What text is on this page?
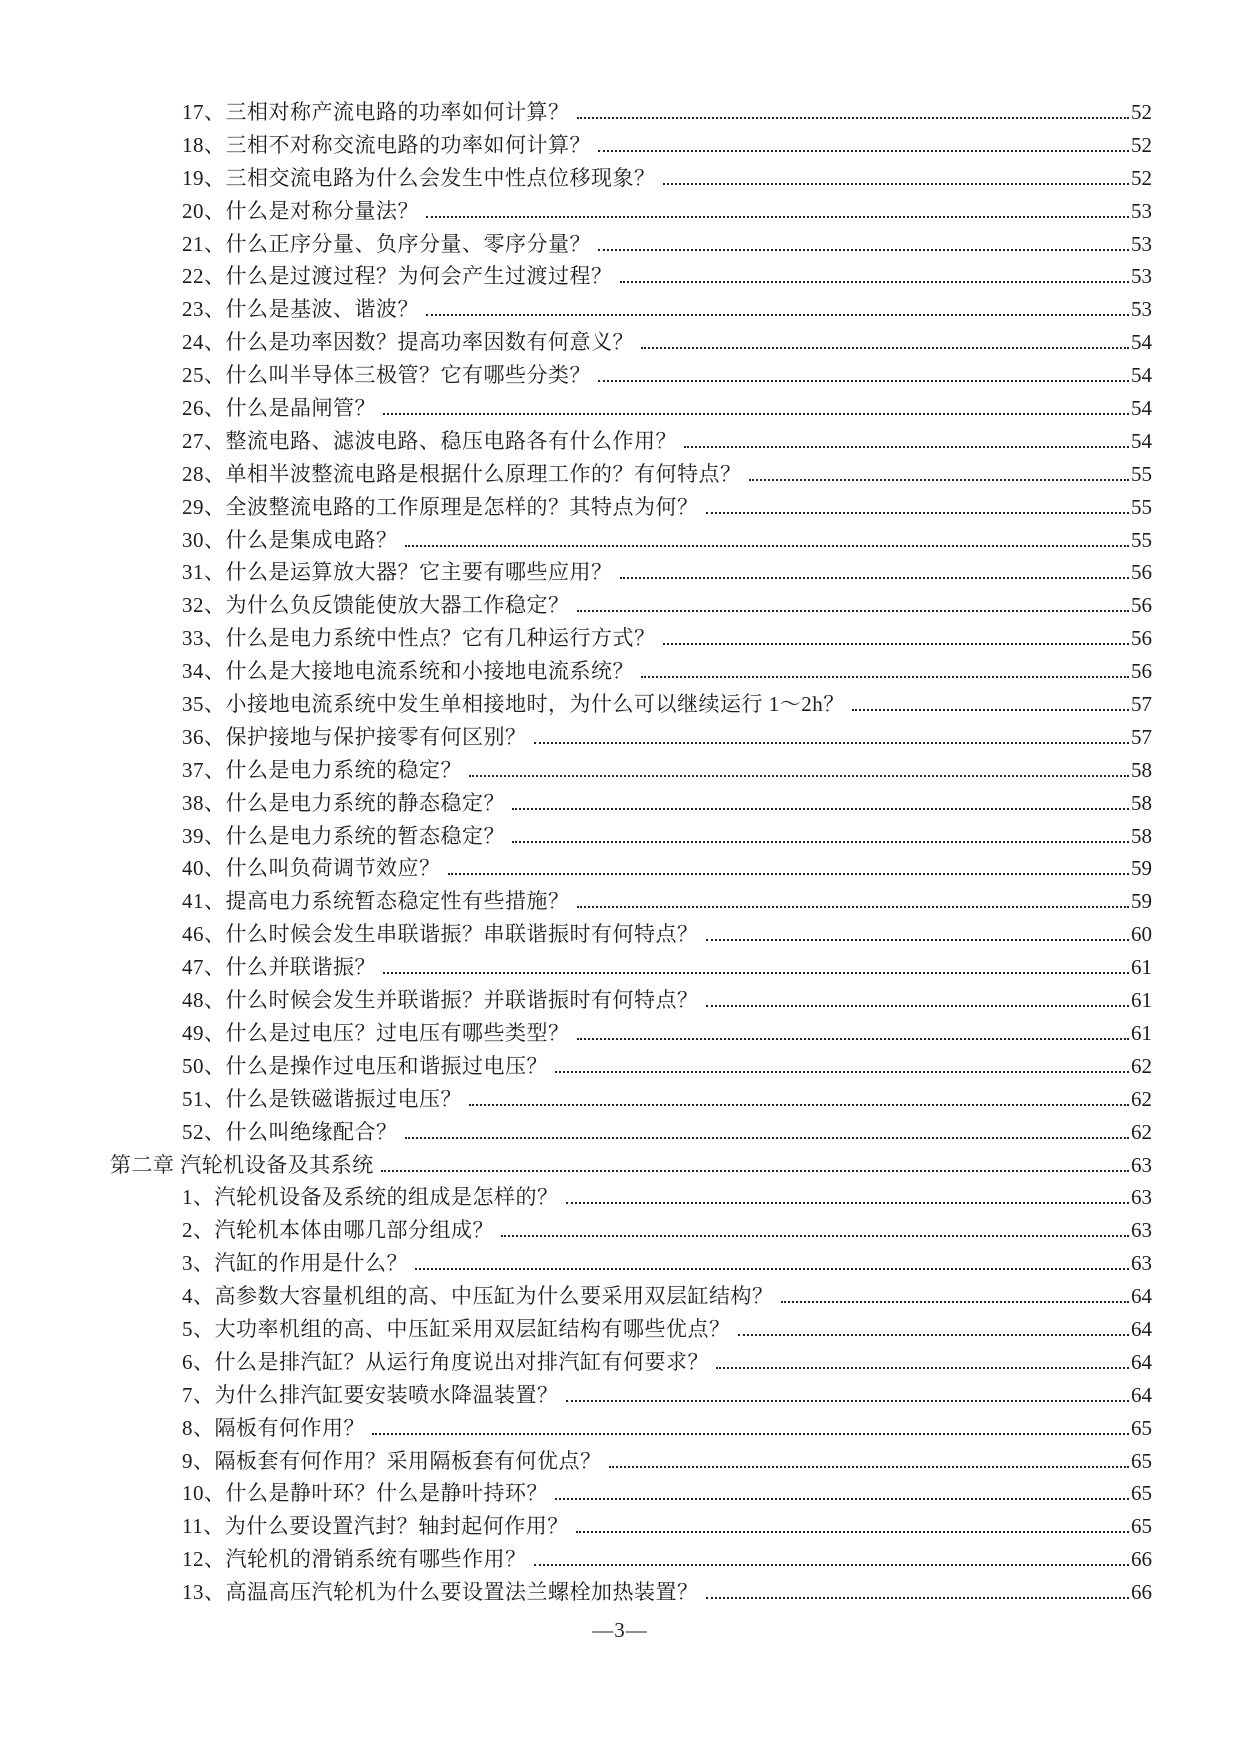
17、三相对称产流电路的功率如何计算？	52
18、三相不对称交流电路的功率如何计算？	52
19、三相交流电路为什么会发生中性点位移现象？	52
20、什么是对称分量法？	53
21、什么正序分量、负序分量、零序分量？	53
22、什么是过渡过程？为何会产生过渡过程？	53
23、什么是基波、谐波？	53
24、什么是功率因数？提高功率因数有何意义？	54
25、什么叫半导体三极管？它有哪些分类？	54
26、什么是晶闸管？	54
27、整流电路、滤波电路、稳压电路各有什么作用？	54
28、单相半波整流电路是根据什么原理工作的？有何特点？	55
29、全波整流电路的工作原理是怎样的？其特点为何？	55
30、什么是集成电路？	55
31、什么是运算放大器？它主要有哪些应用？	56
32、为什么负反馈能使放大器工作稳定？	56
33、什么是电力系统中性点？它有几种运行方式？	56
34、什么是大接地电流系统和小接地电流系统？	56
35、小接地电流系统中发生单相接地时，为什么可以继续运行 1～2h？	57
36、保护接地与保护接零有何区别？	57
37、什么是电力系统的稳定？	58
38、什么是电力系统的静态稳定？	58
39、什么是电力系统的暂态稳定？	58
40、什么叫负荷调节效应？	59
41、提高电力系统暂态稳定性有些措施？	59
46、什么时候会发生串联谐振？串联谐振时有何特点？	60
47、什么并联谐振？	61
48、什么时候会发生并联谐振？并联谐振时有何特点？	61
49、什么是过电压？过电压有哪些类型？	61
50、什么是操作过电压和谐振过电压？	62
51、什么是铁磁谐振过电压？	62
52、什么叫绝缘配合？	62
第二章 汽轮机设备及其系统	63
1、汽轮机设备及系统的组成是怎样的？	63
2、汽轮机本体由哪几部分组成？	63
3、汽缸的作用是什么？	63
4、高参数大容量机组的高、中压缸为什么要采用双层缸结构？	64
5、大功率机组的高、中压缸采用双层缸结构有哪些优点？	64
6、什么是排汽缸？从运行角度说出对排汽缸有何要求？	64
7、为什么排汽缸要安装喷水降温装置？	64
8、隔板有何作用？	65
9、隔板套有何作用？采用隔板套有何优点？	65
10、什么是静叶环？什么是静叶持环？	65
11、为什么要设置汽封？轴封起何作用？	65
12、汽轮机的滑销系统有哪些作用？	66
13、高温高压汽轮机为什么要设置法兰螺栓加热装置？	66
—3—
